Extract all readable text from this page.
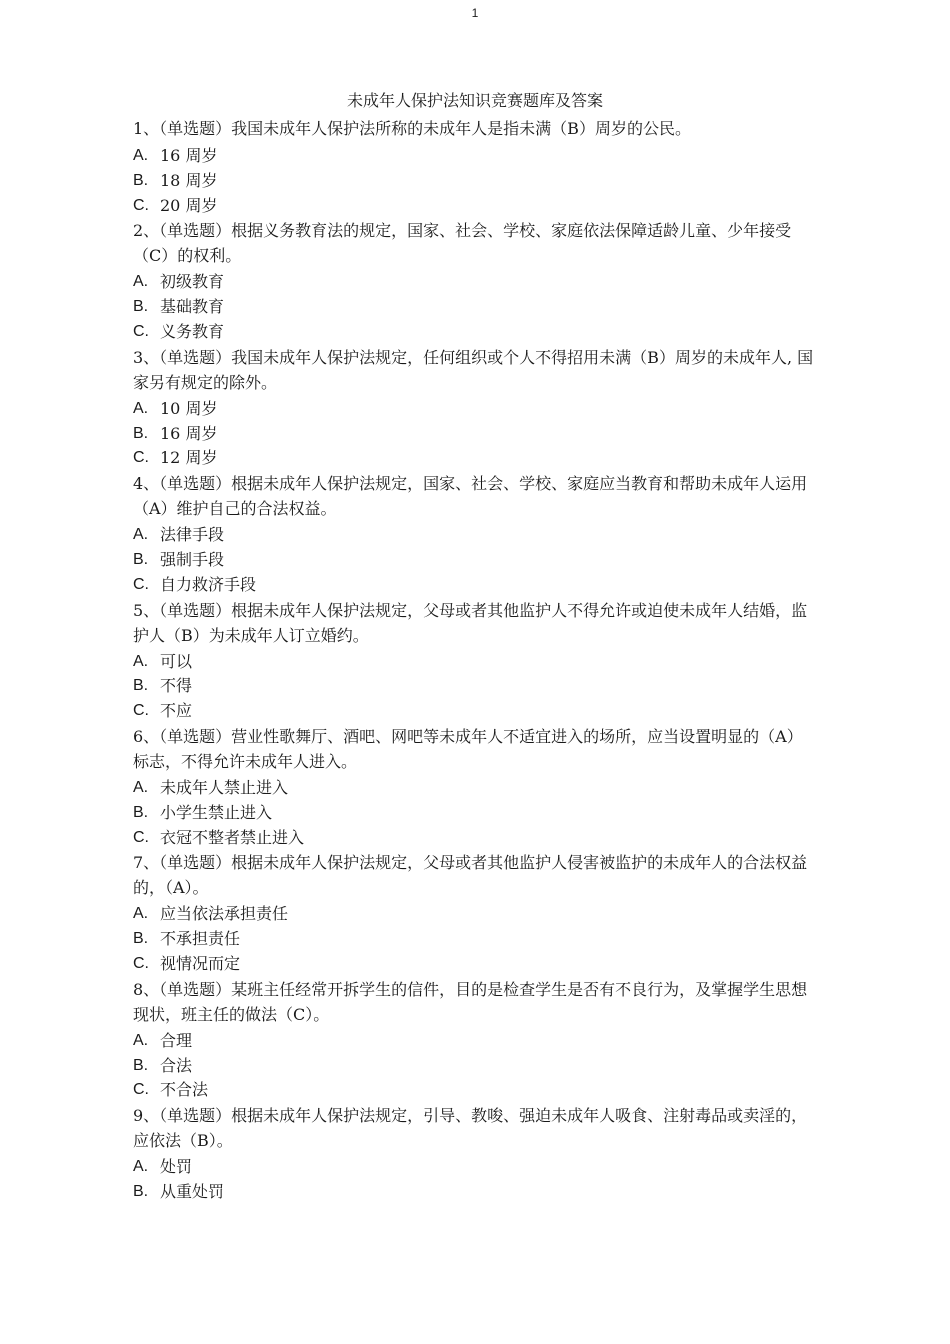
1
未成年人保护法知识竞赛题库及答案

1、（单选题）我国未成年人保护法所称的未成年人是指未满（B）周岁的公民。

A. 16 周岁
B. 18 周岁
C. 20 周岁

2、（单选题）根据义务教育法的规定，国家、社会、学校、家庭依法保障适龄儿童、少年接受（C）的权利。

A. 初级教育
B. 基础教育
C. 义务教育

3、（单选题）我国未成年人保护法规定，任何组织或个人不得招用未满（B）周岁的未成年人, 国家另有规定的除外。

A. 10 周岁
B. 16 周岁
C. 12 周岁

4、（单选题）根据未成年人保护法规定，国家、社会、学校、家庭应当教育和帮助未成年人运用（A）维护自己的合法权益。

A. 法律手段
B. 强制手段
C. 自力救济手段

5、（单选题）根据未成年人保护法规定，父母或者其他监护人不得允许或迫使未成年人结婚，监护人（B）为未成年人订立婚约。

A. 可以
B. 不得
C. 不应

6、（单选题）营业性歌舞厅、酒吧、网吧等未成年人不适宜进入的场所，应当设置明显的（A）标志，不得允许未成年人进入。

A. 未成年人禁止进入
B. 小学生禁止进入
C. 衣冠不整者禁止进入

7、（单选题）根据未成年人保护法规定，父母或者其他监护人侵害被监护的未成年人的合法权益的，（A）。

A. 应当依法承担责任
B. 不承担责任
C. 视情况而定

8、（单选题）某班主任经常开拆学生的信件，目的是检查学生是否有不良行为，及掌握学生思想现状，班主任的做法（C）。

A. 合理
B. 合法
C. 不合法

9、（单选题）根据未成年人保护法规定，引导、教唆、强迫未成年人吸食、注射毒品或卖淫的，应依法（B）。

A. 处罚
B. 从重处罚
